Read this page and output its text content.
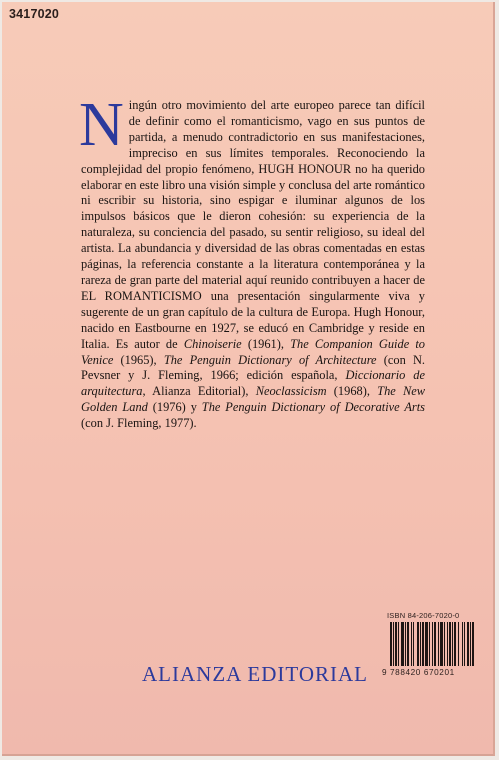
3417020

Ningún otro movimiento del arte europeo parece tan difícil de definir como el romanticismo, vago en sus puntos de partida, a menudo contradictorio en sus manifestaciones, impreciso en sus límites temporales. Reconociendo la complejidad del propio fenómeno, HUGH HONOUR no ha querido elaborar en este libro una visión simple y conclusa del arte romántico ni escribir su historia, sino espigar e iluminar algunos de los impulsos básicos que le dieron cohesión: su experiencia de la naturaleza, su conciencia del pasado, su sentir religioso, su ideal del artista. La abundancia y diversidad de las obras comentadas en estas páginas, la referencia constante a la literatura contemporánea y la rareza de gran parte del material aquí reunido contribuyen a hacer de EL ROMANTICISMO una presentación singularmente viva y sugerente de un gran capítulo de la cultura de Europa. Hugh Honour, nacido en Eastbourne en 1927, se educó en Cambridge y reside en Italia. Es autor de Chinoiserie (1961), The Companion Guide to Venice (1965), The Penguin Dictionary of Architecture (con N. Pevsner y J. Fleming, 1966; edición española, Diccionario de arquitectura, Alianza Editorial), Neoclassicism (1968), The New Golden Land (1976) y The Penguin Dictionary of Decorative Arts (con J. Fleming, 1977).

ALIANZA EDITORIAL
ISBN 84-206-7020-0
9 788420 670201
